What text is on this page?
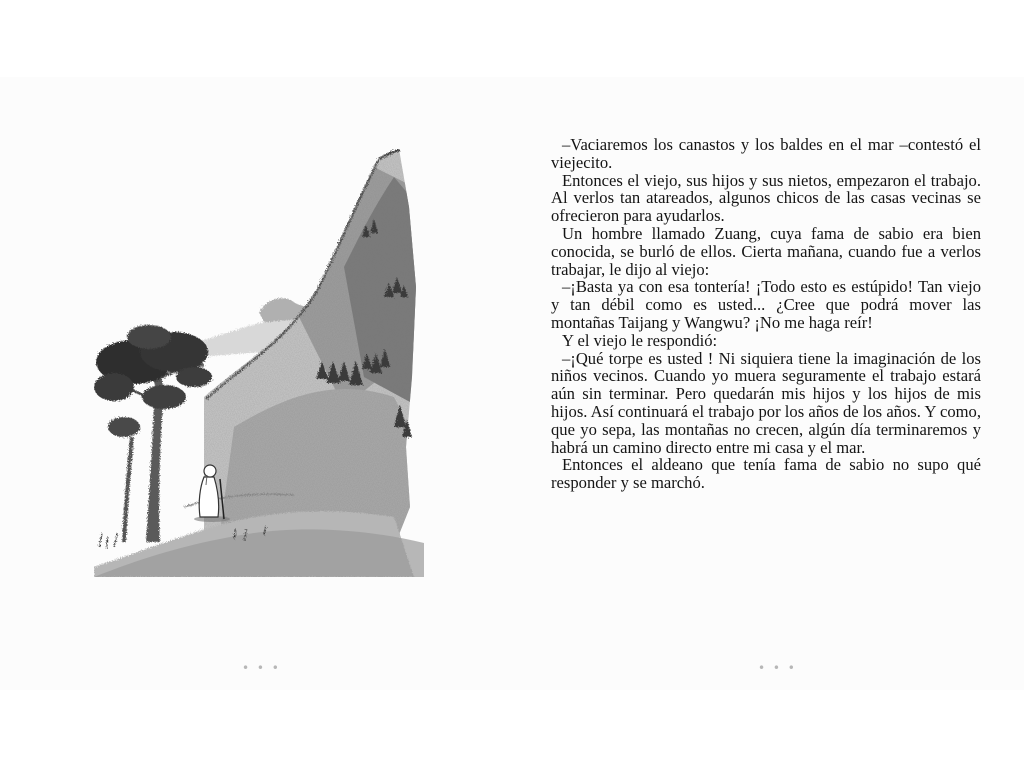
• • •

–Vaciaremos los canastos y los baldes en el mar –contestó el viejecito.

Entonces el viejo, sus hijos y sus nietos, empezaron el trabajo. Al verlos tan atareados, algunos chicos de las casas vecinas se ofrecieron para ayudarlos.

Un hombre llamado Zuang, cuya fama de sabio era bien conocida, se burló de ellos. Cierta mañana, cuando fue a verlos trabajar, le dijo al viejo:

–¡Basta ya con esa tontería! ¡Todo esto es estúpido! Tan viejo y tan débil como es usted... ¿Cree que podrá mover las montañas Taijang y Wangwu? ¡No me haga reír!

Y el viejo le respondió:

–¡Qué torpe es usted ! Ni siquiera tiene la imaginación de los niños vecinos. Cuando yo muera seguramente el trabajo estará aún sin terminar. Pero quedarán mis hijos y los hijos de mis hijos. Así continuará el trabajo por los años de los años. Y como, que yo sepa, las montañas no crecen, algún día terminaremos y habrá un camino directo entre mi casa y el mar.

Entonces el aldeano que tenía fama de sabio no supo qué responder y se marchó.

• • •
